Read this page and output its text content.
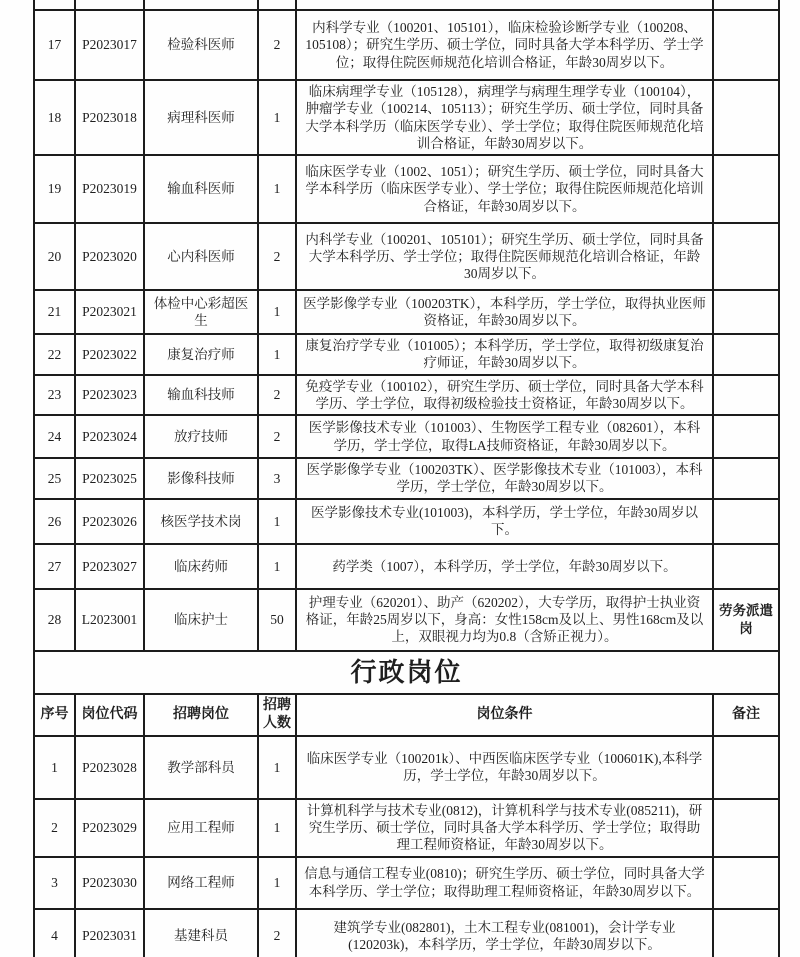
17	P2023017	检验科医师	2	内科学专业（100201、105101），临床检验诊断学专业（100208、105108）；研究生学历、硕士学位，同时具备大学本科学历、学士学位；取得住院医师规范化培训合格证，年龄30周岁以下。	
18	P2023018	病理科医师	1	临床病理学专业（105128），病理学与病理生理学专业（100104），肿瘤学专业（100214、105113）；研究生学历、硕士学位，同时具备大学本科学历（临床医学专业）、学士学位；取得住院医师规范化培训合格证，年龄30周岁以下。	
19	P2023019	输血科医师	1	临床医学专业（1002、1051）；研究生学历、硕士学位，同时具备大学本科学历（临床医学专业）、学士学位；取得住院医师规范化培训合格证，年龄30周岁以下。	
20	P2023020	心内科医师	2	内科学专业（100201、105101）；研究生学历、硕士学位，同时具备大学本科学历、学士学位；取得住院医师规范化培训合格证，年龄30周岁以下。	
21	P2023021	体检中心彩超医生	1	医学影像学专业（100203TK），本科学历，学士学位，取得执业医师资格证，年龄30周岁以下。	
22	P2023022	康复治疗师	1	康复治疗学专业（101005）；本科学历，学士学位，取得初级康复治疗师证，年龄30周岁以下。	
23	P2023023	输血科技师	2	免疫学专业（100102），研究生学历、硕士学位，同时具备大学本科学历、学士学位，取得初级检验技士资格证，年龄30周岁以下。	
24	P2023024	放疗技师	2	医学影像技术专业（101003）、生物医学工程专业（082601），本科学历，学士学位，取得LA技师资格证，年龄30周岁以下。	
25	P2023025	影像科技师	3	医学影像学专业（100203TK）、医学影像技术专业（101003），本科学历，学士学位，年龄30周岁以下。	
26	P2023026	核医学技术岗	1	医学影像技术专业(101003)，本科学历，学士学位，年龄30周岁以下。	
27	P2023027	临床药师	1	药学类（1007），本科学历，学士学位，年龄30周岁以下。	
28	L2023001	临床护士	50	护理专业（620201）、助产（620202），大专学历，取得护士执业资格证，年龄25周岁以下，身高：女性158cm及以上、男性168cm及以上，双眼视力均为0.8（含矫正视力）。	劳务派遣岗
行政岗位					
序号	岗位代码	招聘岗位	招聘人数	岗位条件	备注
1	P2023028	教学部科员	1	临床医学专业（100201k）、中西医临床医学专业（100601K),本科学历，学士学位，年龄30周岁以下。	
2	P2023029	应用工程师	1	计算机科学与技术专业(0812)，计算机科学与技术专业(085211)，研究生学历、硕士学位，同时具备大学本科学历、学士学位；取得助理工程师资格证，年龄30周岁以下。	
3	P2023030	网络工程师	1	信息与通信工程专业(0810)；研究生学历、硕士学位，同时具备大学本科学历、学士学位；取得助理工程师资格证，年龄30周岁以下。	
4	P2023031	基建科员	2	建筑学专业(082801)，土木工程专业(081001)，会计学专业(120203k)，本科学历，学士学位，年龄30周岁以下。	
